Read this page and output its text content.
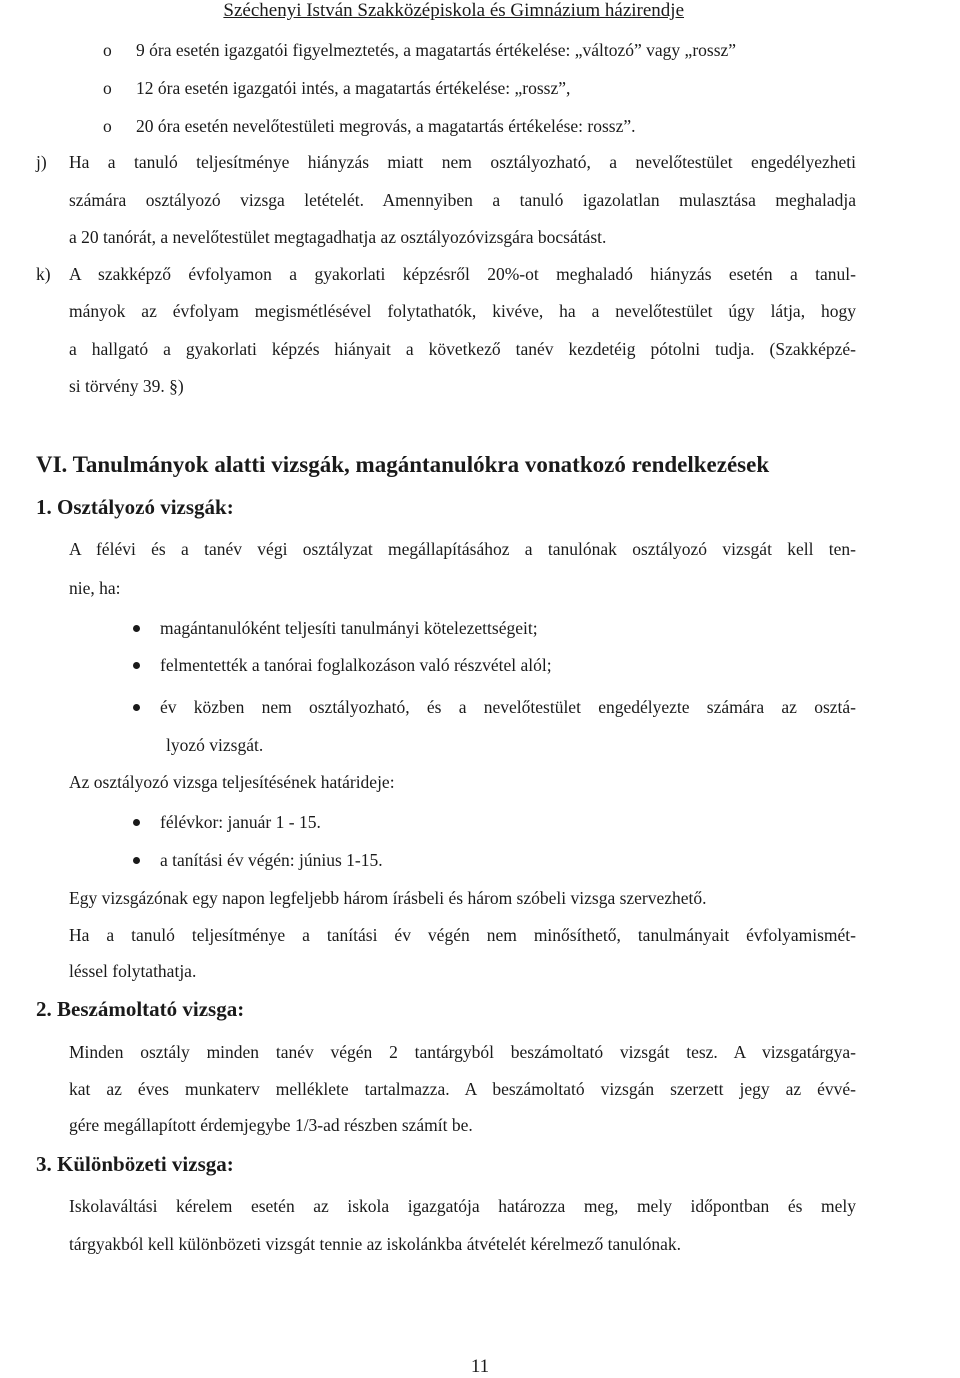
Széchenyi István Szakközépiskola és Gimnázium házirendje
o 9 óra esetén igazgatói figyelmeztetés, a magatartás értékelése: „változó” vagy „rossz”
o 12 óra esetén igazgatói intés, a magatartás értékelése: „rossz”,
o 20 óra esetén nevelőtestületi megrovás, a magatartás értékelése: rossz”.
j) Ha a tanuló teljesítménye hiányzás miatt nem osztályozható, a nevelőtestület engedélyezheti
számára osztályozó vizsga letételét. Amennyiben a tanuló igazolatlan mulasztása meghaladja
a 20 tanórát, a nevelőtestület megtagadhatja az osztályozóvizsgára bocsátást.
k) A szakképző évfolyamon a gyakorlati képzésről 20%-ot meghaladó hiányzás esetén a tanul-
mányok az évfolyam megismétlésével folytathatók, kivéve, ha a nevelőtestület úgy látja, hogy
a hallgató a gyakorlati képzés hiányait a következő tanév kezdetéig pótolni tudja. (Szakképzé-
si törvény 39. §)
VI. Tanulmányok alatti vizsgák, magántanulókra vonatkozó rendelkezések
1. Osztályozó vizsgák:
A félévi és a tanév végi osztályzat megállapításához a tanulónak osztályozó vizsgát kell ten-
nie, ha:
magántanulóként teljesíti tanulmányi kötelezettségeit;
felmentették a tanórai foglalkozáson való részvétel alól;
év közben nem osztályozható, és a nevelőtestület engedélyezte számára az osztá-
lyozó vizsgát.
Az osztályozó vizsga teljesítésének határideje:
félévkor: január 1 - 15.
a tanítási év végén: június 1-15.
Egy vizsgázónak egy napon legfeljebb három írásbeli és három szóbeli vizsga szervezhető.
Ha a tanuló teljesítménye a tanítási év végén nem minősíthető, tanulmányait évfolyamismét-
léssel folytathatja.
2. Beszámoltató vizsga:
Minden osztály minden tanév végén 2 tantárgyból beszámoltató vizsgát tesz. A vizsgatárgya-
kat az éves munkaterv melléklete tartalmazza. A beszámoltató vizsgán szerzett jegy az évvé-
gére megállapított érdemjegybe 1/3-ad részben számít be.
3. Különbözeti vizsga:
Iskolaváltási kérelem esetén az iskola igazgatója határozza meg, mely időpontban és mely
tárgyakból kell különbözeti vizsgát tennie az iskolánkba átvételét kérelmező tanulónak.
11
